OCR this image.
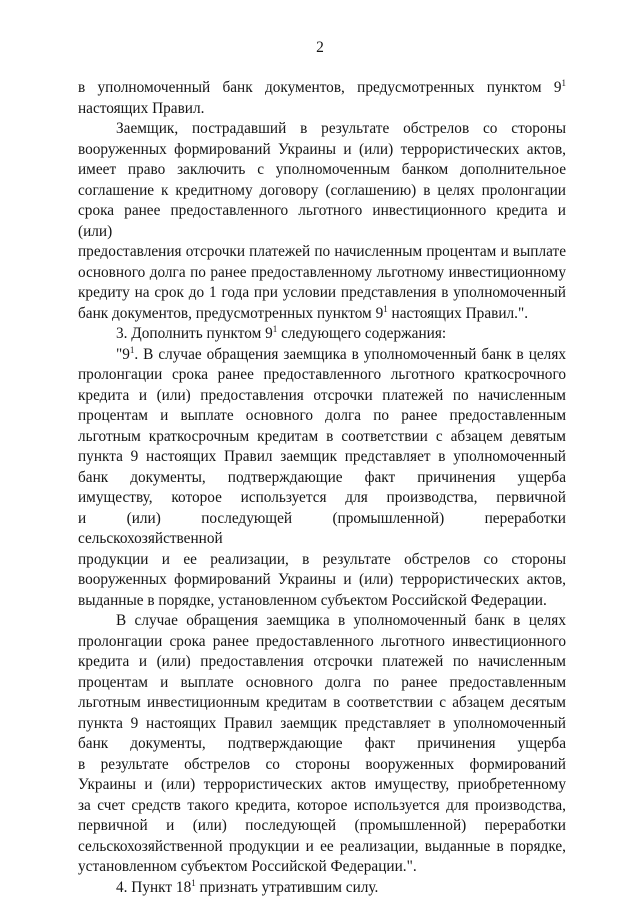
2
в уполномоченный банк документов, предусмотренных пунктом $9^1$
настоящих Правил.
Заемщик, пострадавший в результате обстрелов со стороны
вооруженных формирований Украины и (или) террористических актов,
имеет право заключить с уполномоченным банком дополнительное
соглашение к кредитному договору (соглашению) в целях пролонгации
срока ранее предоставленного льготного инвестиционного кредита и (или)
предоставления отсрочки платежей по начисленным процентам и выплате
основного долга по ранее предоставленному льготному инвестиционному
кредиту на срок до 1 года при условии представления в уполномоченный
банк документов, предусмотренных пунктом $9^1$ настоящих Правил.".
3. Дополнить пунктом $9^1$ следующего содержания:
"$9^1$. В случае обращения заемщика в уполномоченный банк в целях
пролонгации срока ранее предоставленного льготного краткосрочного
кредита и (или) предоставления отсрочки платежей по начисленным
процентам и выплате основного долга по ранее предоставленным
льготным краткосрочным кредитам в соответствии с абзацем девятым
пункта 9 настоящих Правил заемщик представляет в уполномоченный
банк документы, подтверждающие факт причинения ущерба
имуществу, которое используется для производства, первичной
и (или) последующей (промышленной) переработки сельскохозяйственной
продукции и ее реализации, в результате обстрелов со стороны
вооруженных формирований Украины и (или) террористических актов,
выданные в порядке, установленном субъектом Российской Федерации.
В случае обращения заемщика в уполномоченный банк в целях
пролонгации срока ранее предоставленного льготного инвестиционного
кредита и (или) предоставления отсрочки платежей по начисленным
процентам и выплате основного долга по ранее предоставленным
льготным инвестиционным кредитам в соответствии с абзацем десятым
пункта 9 настоящих Правил заемщик представляет в уполномоченный
банк документы, подтверждающие факт причинения ущерба
в результате обстрелов со стороны вооруженных формирований
Украины и (или) террористических актов имуществу, приобретенному
за счет средств такого кредита, которое используется для производства,
первичной и (или) последующей (промышленной) переработки
сельскохозяйственной продукции и ее реализации, выданные в порядке,
установленном субъектом Российской Федерации.".
4. Пункт $18^1$ признать утратившим силу.
